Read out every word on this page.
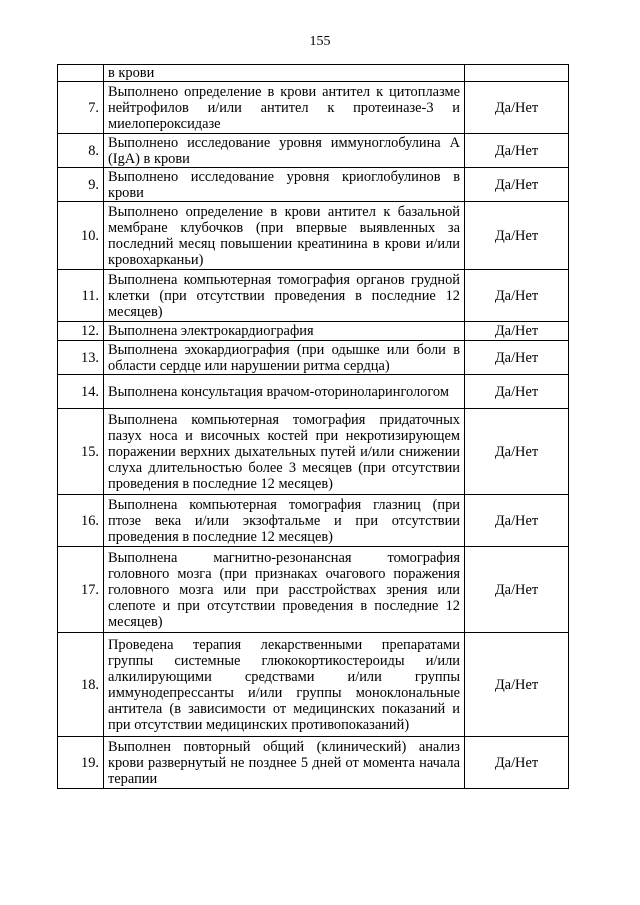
155
	в крови	
7.	Выполнено определение в крови антител к цитоплазме нейтрофилов и/или антител к протеиназе-3 и миелопероксидазе	Да/Нет
8.	Выполнено исследование уровня иммуноглобулина A (IgA) в крови	Да/Нет
9.	Выполнено исследование уровня криоглобулинов в крови	Да/Нет
10.	Выполнено определение в крови антител к базальной мембране клубочков (при впервые выявленных за последний месяц повышении креатинина в крови и/или кровохарканьи)	Да/Нет
11.	Выполнена компьютерная томография органов грудной клетки (при отсутствии проведения в последние 12 месяцев)	Да/Нет
12.	Выполнена электрокардиография	Да/Нет
13.	Выполнена эхокардиография (при одышке или боли в области сердце или нарушении ритма сердца)	Да/Нет
14.	Выполнена консультация врачом-оториноларингологом	Да/Нет
15.	Выполнена компьютерная томография придаточных пазух носа и височных костей при некротизирующем поражении верхних дыхательных путей и/или снижении слуха длительностью более 3 месяцев (при отсутствии проведения в последние 12 месяцев)	Да/Нет
16.	Выполнена компьютерная томография глазниц (при птозе века и/или экзофтальме и при отсутствии проведения в последние 12 месяцев)	Да/Нет
17.	Выполнена магнитно-резонансная томография головного мозга (при признаках очагового поражения головного мозга или при расстройствах зрения или слепоте и при отсутствии проведения в последние 12 месяцев)	Да/Нет
18.	Проведена терапия лекарственными препаратами группы системные глюкокортикостероиды и/или алкилирующими средствами и/или группы иммунодепрессанты и/или группы моноклональные антитела (в зависимости от медицинских показаний и при отсутствии медицинских противопоказаний)	Да/Нет
19.	Выполнен повторный общий (клинический) анализ крови развернутый не позднее 5 дней от момента начала терапии	Да/Нет
